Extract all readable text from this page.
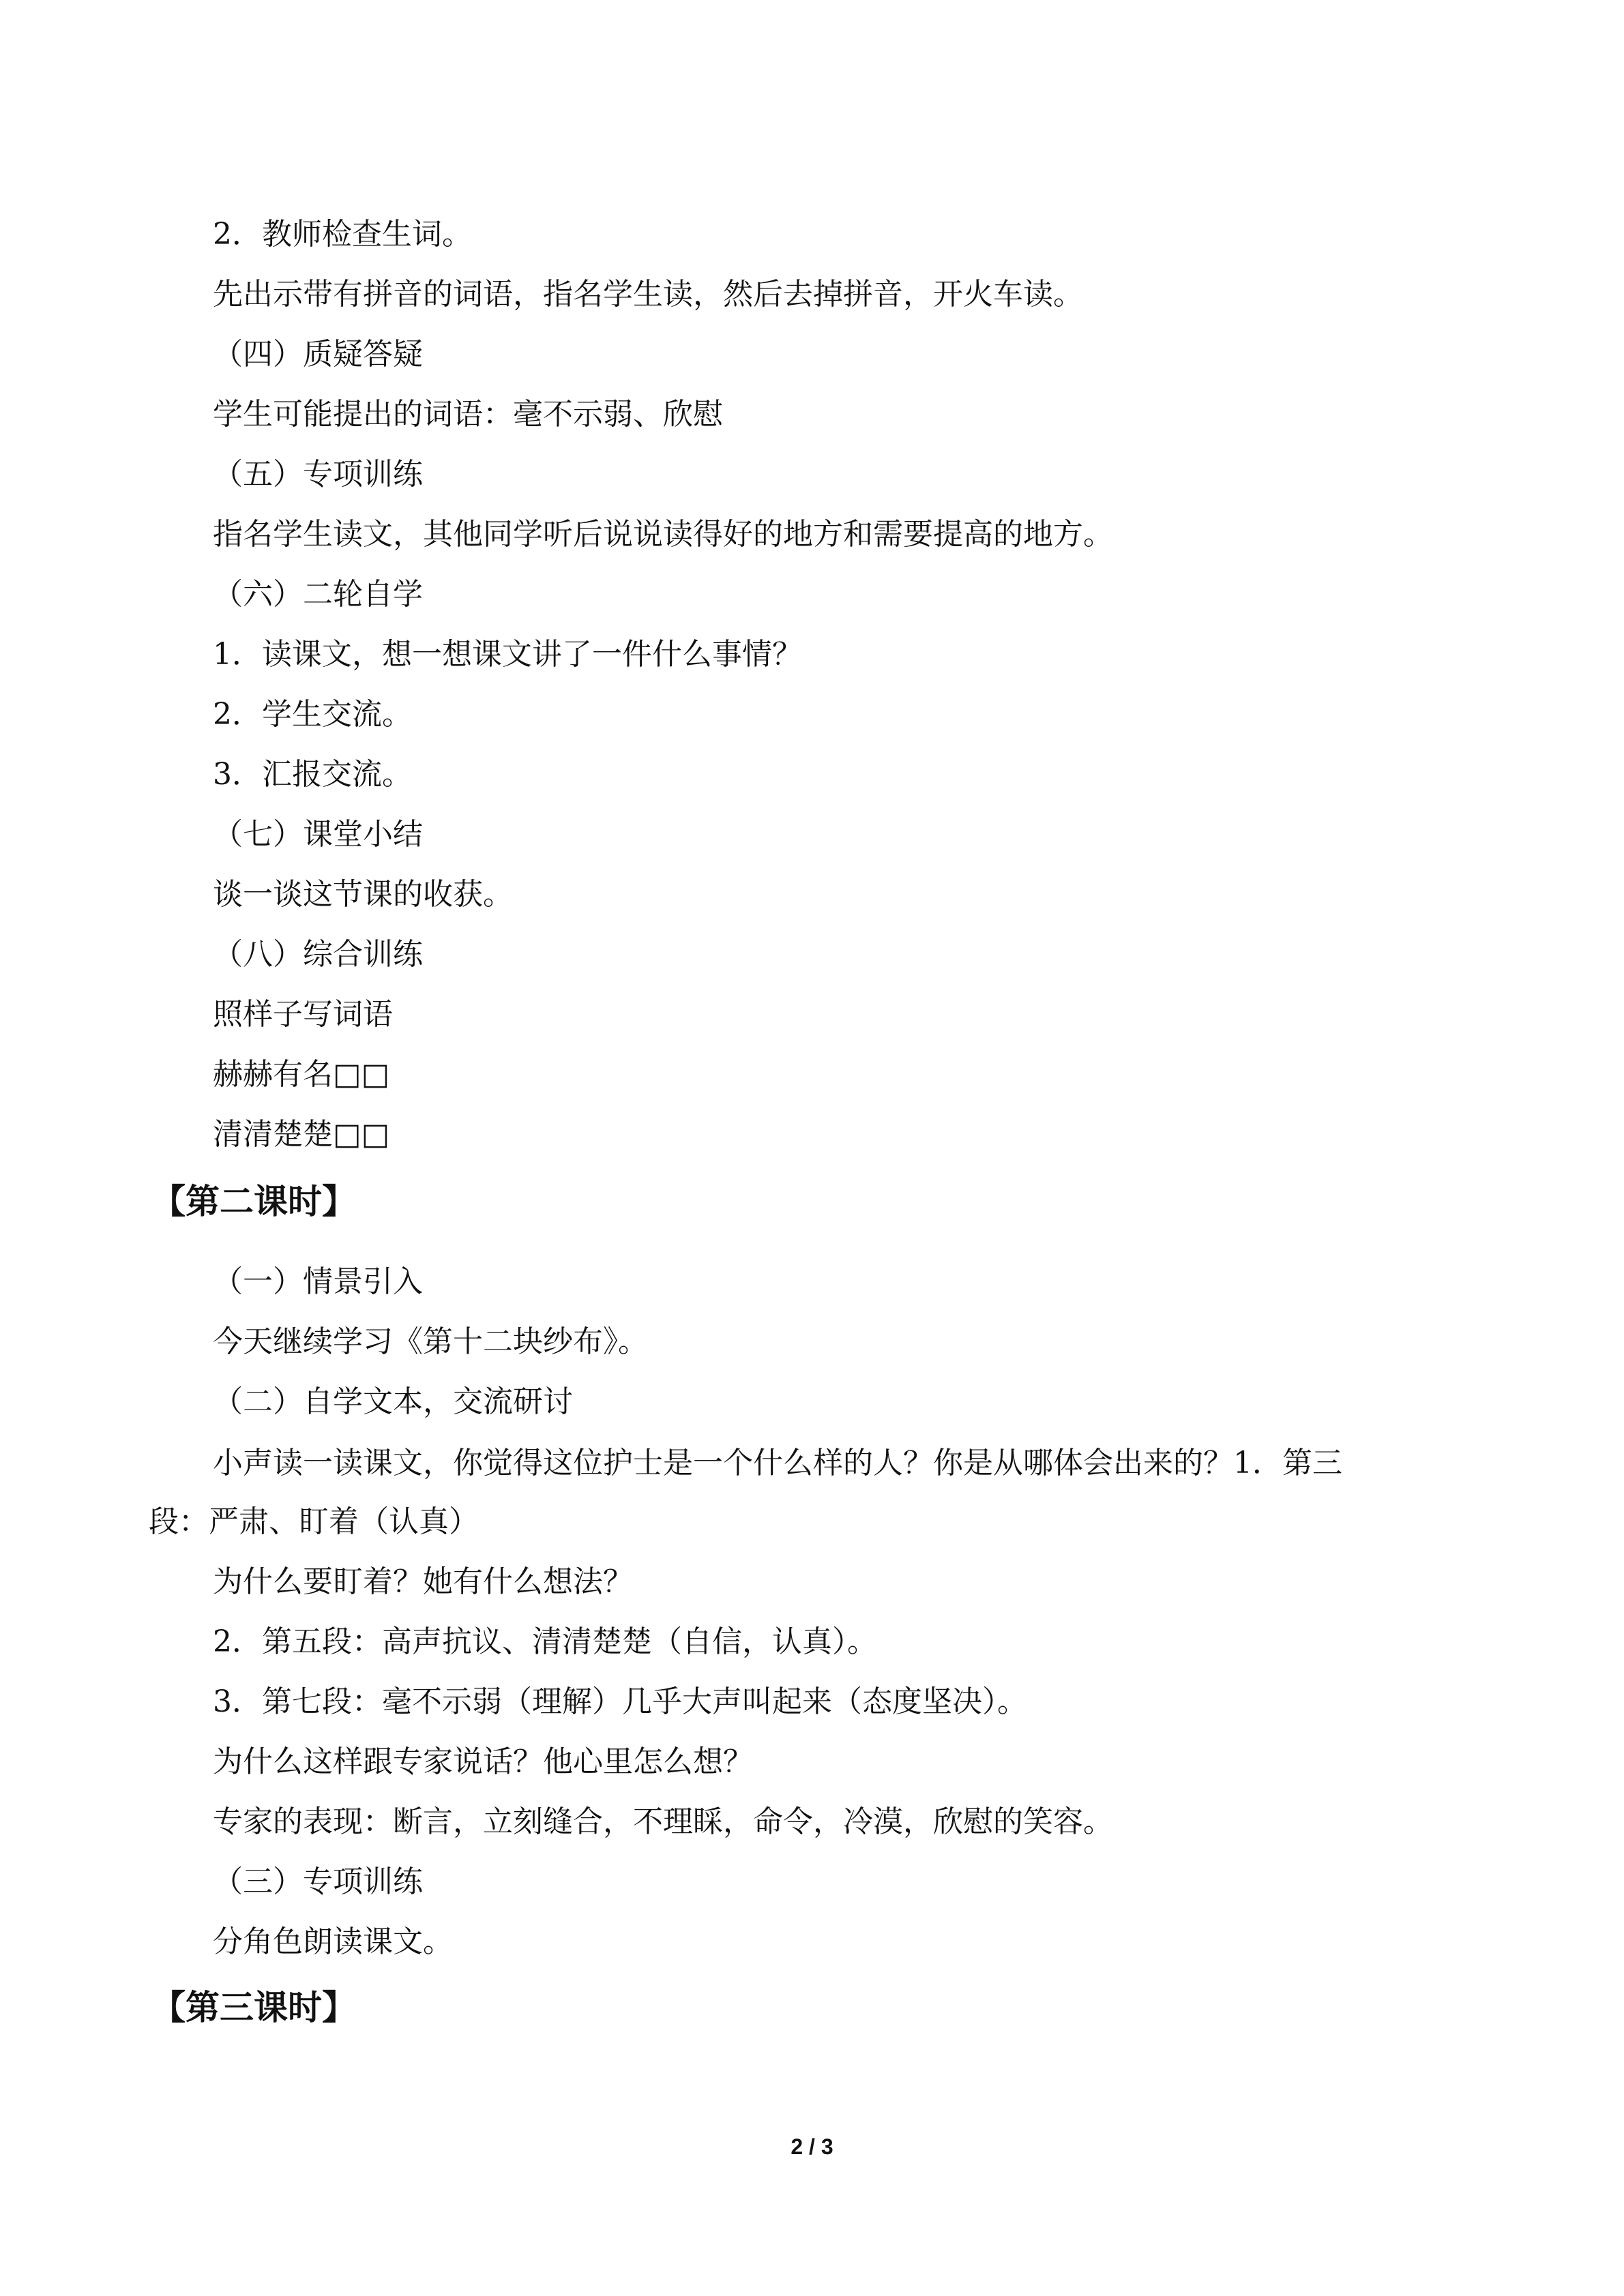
2．教师检查生词。
先出示带有拼音的词语，指名学生读，然后去掉拼音，开火车读。
（四）质疑答疑
学生可能提出的词语：毫不示弱、欣慰
（五）专项训练
指名学生读文，其他同学听后说说读得好的地方和需要提高的地方。
（六）二轮自学
1．读课文，想一想课文讲了一件什么事情？
2．学生交流。
3．汇报交流。
（七）课堂小结
谈一谈这节课的收获。
（八）综合训练
照样子写词语
赫赫有名□□
清清楚楚□□
【第二课时】
（一）情景引入
今天继续学习《第十二块纱布》。
（二）自学文本，交流研讨
小声读一读课文，你觉得这位护士是一个什么样的人？你是从哪体会出来的？1．第三
段：严肃、盯着（认真）
为什么要盯着？她有什么想法？
2．第五段：高声抗议、清清楚楚（自信，认真）。
3．第七段：毫不示弱（理解）几乎大声叫起来（态度坚决）。
为什么这样跟专家说话？他心里怎么想？
专家的表现：断言，立刻缝合，不理睬，命令，冷漠，欣慰的笑容。
（三）专项训练
分角色朗读课文。
【第三课时】
2 / 3
